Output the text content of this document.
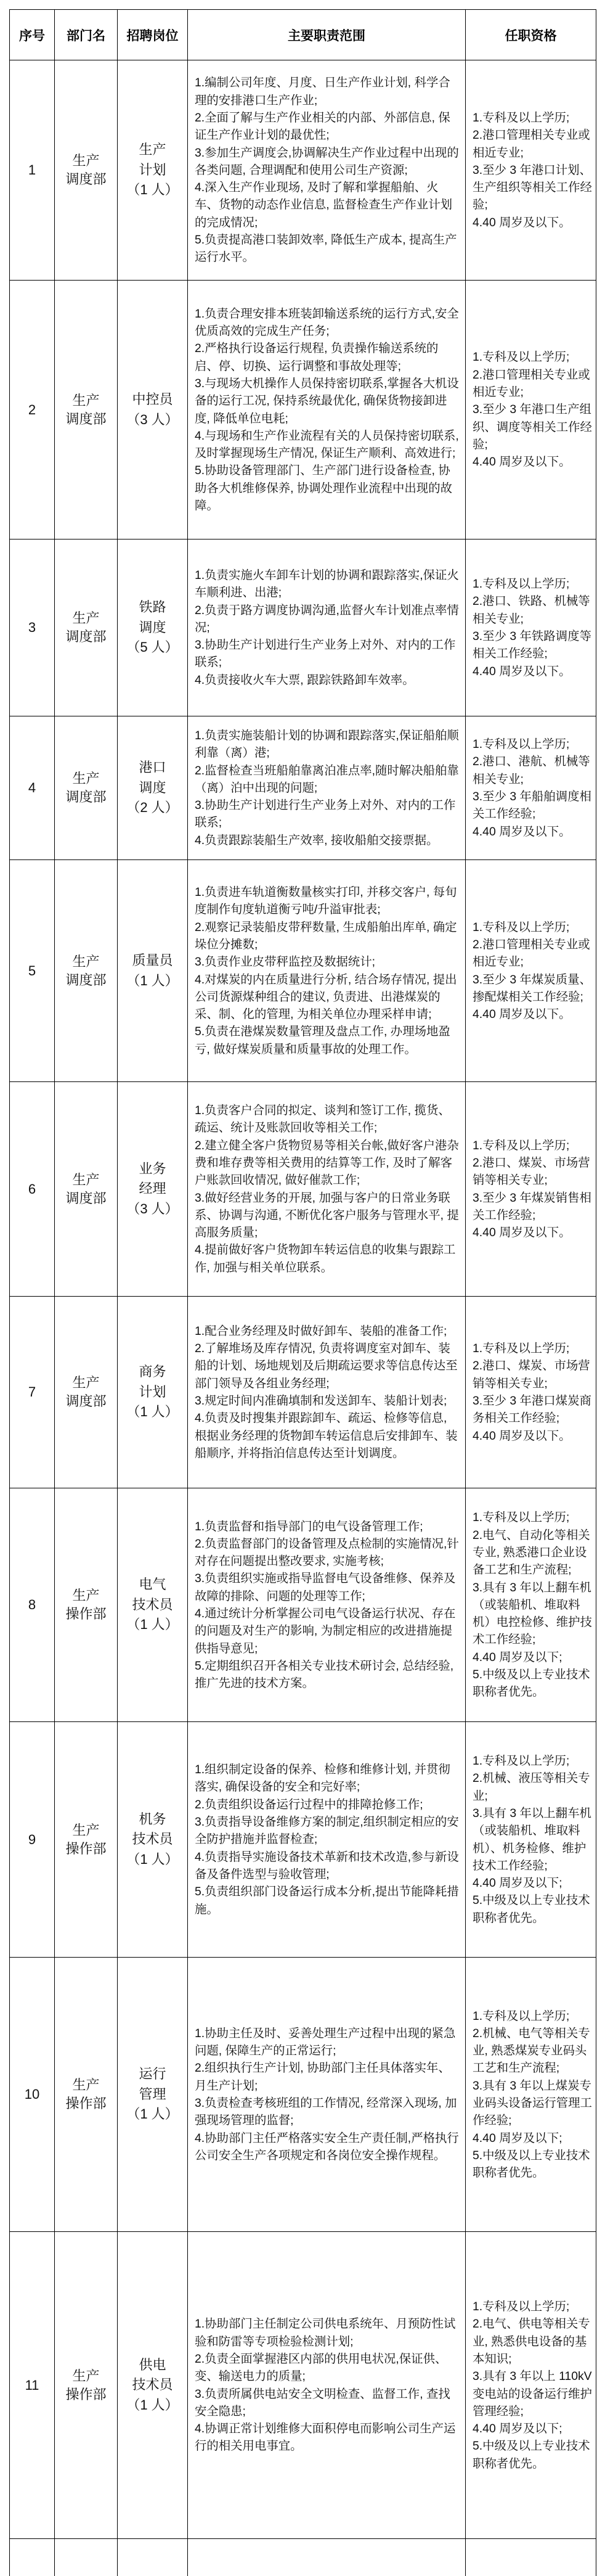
序号 部门名 招聘岗位	主要职责范围	任职资格
1
生产
调度部
生产
计划
（1 人）

1.编制公司年度、月度、日生产作业计划, 科学合理的安排港口生产作业;

2.全面了解与生产作业相关的内部、外部信息, 保证生产作业计划的最优性;

3.参加生产调度会,协调解决生产作业过程中出现的各类问题, 合理调配和使用公司生产资源;

4.深入生产作业现场, 及时了解和掌握船舶、火车、货物的动态作业信息, 监督检查生产作业计划的完成情况;

5.负责提高港口装卸效率, 降低生产成本, 提高生产运行水平。

1.专科及以上学历;

2.港口管理相关专业或相近专业;

3.至少 3 年港口计划、生产组织等相关工作经验;

4.40 周岁及以下。

2
生产
调度部
中控员
（3 人）

1.负责合理安排本班装卸输送系统的运行方式,安全优质高效的完成生产任务;

2.严格执行设备运行规程, 负责操作输送系统的启、停、切换、运行调整和事故处理等;

3.与现场大机操作人员保持密切联系,掌握各大机设备的运行工况, 保持系统最优化, 确保货物接卸进度, 降低单位电耗;

4.与现场和生产作业流程有关的人员保持密切联系, 及时掌握现场生产情况, 保证生产顺利、高效进行;

5.协助设备管理部门、生产部门进行设备检查, 协助各大机维修保养, 协调处理作业流程中出现的故障。

1.专科及以上学历;

2.港口管理相关专业或相近专业;

3.至少 3 年港口生产组织、调度等相关工作经验;

4.40 周岁及以下。

3
生产
调度部
铁路
调度
（5 人）

1.负责实施火车卸车计划的协调和跟踪落实,保证火车顺利进、出港;

2.负责于路方调度协调沟通,监督火车计划准点率情况;

3.协助生产计划进行生产业务上对外、对内的工作联系;

4.负责接收火车大票, 跟踪铁路卸车效率。

1.专科及以上学历;

2.港口、铁路、机械等相关专业;

3.至少 3 年铁路调度等相关工作经验;

4.40 周岁及以下。

4
生产
调度部
港口
调度
（2 人）

1.负责实施装船计划的协调和跟踪落实,保证船舶顺利靠（离）港;

2.监督检查当班船舶靠离泊准点率,随时解决船舶靠（离）泊中出现的问题;

3.协助生产计划进行生产业务上对外、对内的工作联系;

4.负责跟踪装船生产效率, 接收船舶交接票据。

1.专科及以上学历;

2.港口、港航、机械等相关专业;

3.至少 3 年船舶调度相关工作经验;

4.40 周岁及以下。

5
生产
调度部
质量员
（1 人）

1.负责进车轨道衡数量核实打印, 并移交客户, 每旬度制作旬度轨道衡亏吨/升溢审批表;

2.观察记录装船皮带秤数量, 生成船舶出库单, 确定垛位分摊数;

3.负责作业皮带秤监控及数据统计;

4.对煤炭的内在质量进行分析, 结合场存情况, 提出公司货源煤种组合的建议, 负责进、出港煤炭的采、制、化的管理, 为相关单位办理采样申请;

5.负责在港煤炭数量管理及盘点工作, 办理场地盈亏, 做好煤炭质量和质量事故的处理工作。

1.专科及以上学历;

2.港口管理相关专业或相近专业;

3.至少 3 年煤炭质量、掺配煤相关工作经验;

4.40 周岁及以下。

6
生产
调度部
业务
经理
（3 人）

1.负责客户合同的拟定、谈判和签订工作, 揽货、疏运、统计及账款回收等相关工作;

2.建立健全客户货物贸易等相关台帐,做好客户港杂费和堆存费等相关费用的结算等工作, 及时了解客户账款回收情况, 做好催款工作;

3.做好经营业务的开展, 加强与客户的日常业务联系、协调与沟通, 不断优化客户服务与管理水平, 提高服务质量;

4.提前做好客户货物卸车转运信息的收集与跟踪工作, 加强与相关单位联系。

1.专科及以上学历;

2.港口、煤炭、市场营销等相关专业;

3.至少 3 年煤炭销售相关工作经验;

4.40 周岁及以下。

7
生产
调度部
商务
计划
（1 人）

1.配合业务经理及时做好卸车、装船的准备工作;

2.了解堆场及库存情况, 负责将调度室对卸车、装船的计划、场地规划及后期疏运要求等信息传达至部门领导及各组业务经理;

3.规定时间内准确填制和发送卸车、装船计划表;

4.负责及时搜集并跟踪卸车、疏运、检修等信息, 根据业务经理的货物卸车转运信息后安排卸车、装船顺序, 并将指泊信息传达至计划调度。

1.专科及以上学历;

2.港口、煤炭、市场营销等相关专业;

3.至少 3 年港口煤炭商务相关工作经验;

4.40 周岁及以下。

8
生产
操作部
电气
技术员
（1 人）

1.负责监督和指导部门的电气设备管理工作;

2.负责监督部门的设备管理及点检制的实施情况,针对存在问题提出整改要求, 实施考核;

3.负责组织实施或指导监督电气设备维修、保养及故障的排除、问题的处理等工作;

4.通过统计分析掌握公司电气设备运行状况、存在的问题及对生产的影响, 为制定相应的改进措施提供指导意见;

5.定期组织召开各相关专业技术研讨会, 总结经验, 推广先进的技术方案。

1.专科及以上学历;

2.电气、自动化等相关专业, 熟悉港口企业设备工艺和生产流程;

3.具有 3 年以上翻车机（或装船机、堆取料机）电控检修、维护技术工作经验;

4.40 周岁及以下;

5.中级及以上专业技术职称者优先。

9
生产
操作部
机务
技术员
（1 人）

1.组织制定设备的保养、检修和维修计划, 并贯彻落实, 确保设备的安全和完好率;

2.负责组织设备运行过程中的排障抢修工作;

3.负责指导设备维修方案的制定,组织制定相应的安全防护措施并监督检查;

4.负责指导实施设备技术革新和技术改造,参与新设备及备件选型与验收管理;

5.负责组织部门设备运行成本分析,提出节能降耗措施。

1.专科及以上学历;

2.机械、液压等相关专业;

3.具有 3 年以上翻车机（或装船机、堆取料机）、机务检修、维护技术工作经验;

4.40 周岁及以下;

5.中级及以上专业技术职称者优先。

10
生产
操作部
运行
管理
（1 人）

1.协助主任及时、妥善处理生产过程中出现的紧急问题, 保障生产的正常运行;

2.组织执行生产计划, 协助部门主任具体落实年、月生产计划;

3.负责检查考核班组的工作情况, 经常深入现场, 加强现场管理的监督;

4.协助部门主任严格落实安全生产责任制,严格执行公司安全生产各项规定和各岗位安全操作规程。

1.专科及以上学历;

2.机械、电气等相关专业, 熟悉煤炭专业码头工艺和生产流程;

3.具有 3 年以上煤炭专业码头设备运行管理工作经验;

4.40 周岁及以下;

5.中级及以上专业技术职称者优先。

11
生产
操作部
供电
技术员
（1 人）

1.协助部门主任制定公司供电系统年、月预防性试验和防雷等专项检验检测计划;

2.负责全面掌握港区内部的供用电状况,保证供、变、输送电力的质量;

3.负责所属供电站安全文明检查、监督工作, 查找安全隐患;

4.协调正常计划维修大面积停电而影响公司生产运行的相关用电事宜。

1.专科及以上学历;

2.电气、供电等相关专业, 熟悉供电设备的基本知识;

3.具有 3 年以上 110kV 变电站的设备运行维护管理经验;

4.40 周岁及以下;

5.中级及以上专业技术职称者优先。
